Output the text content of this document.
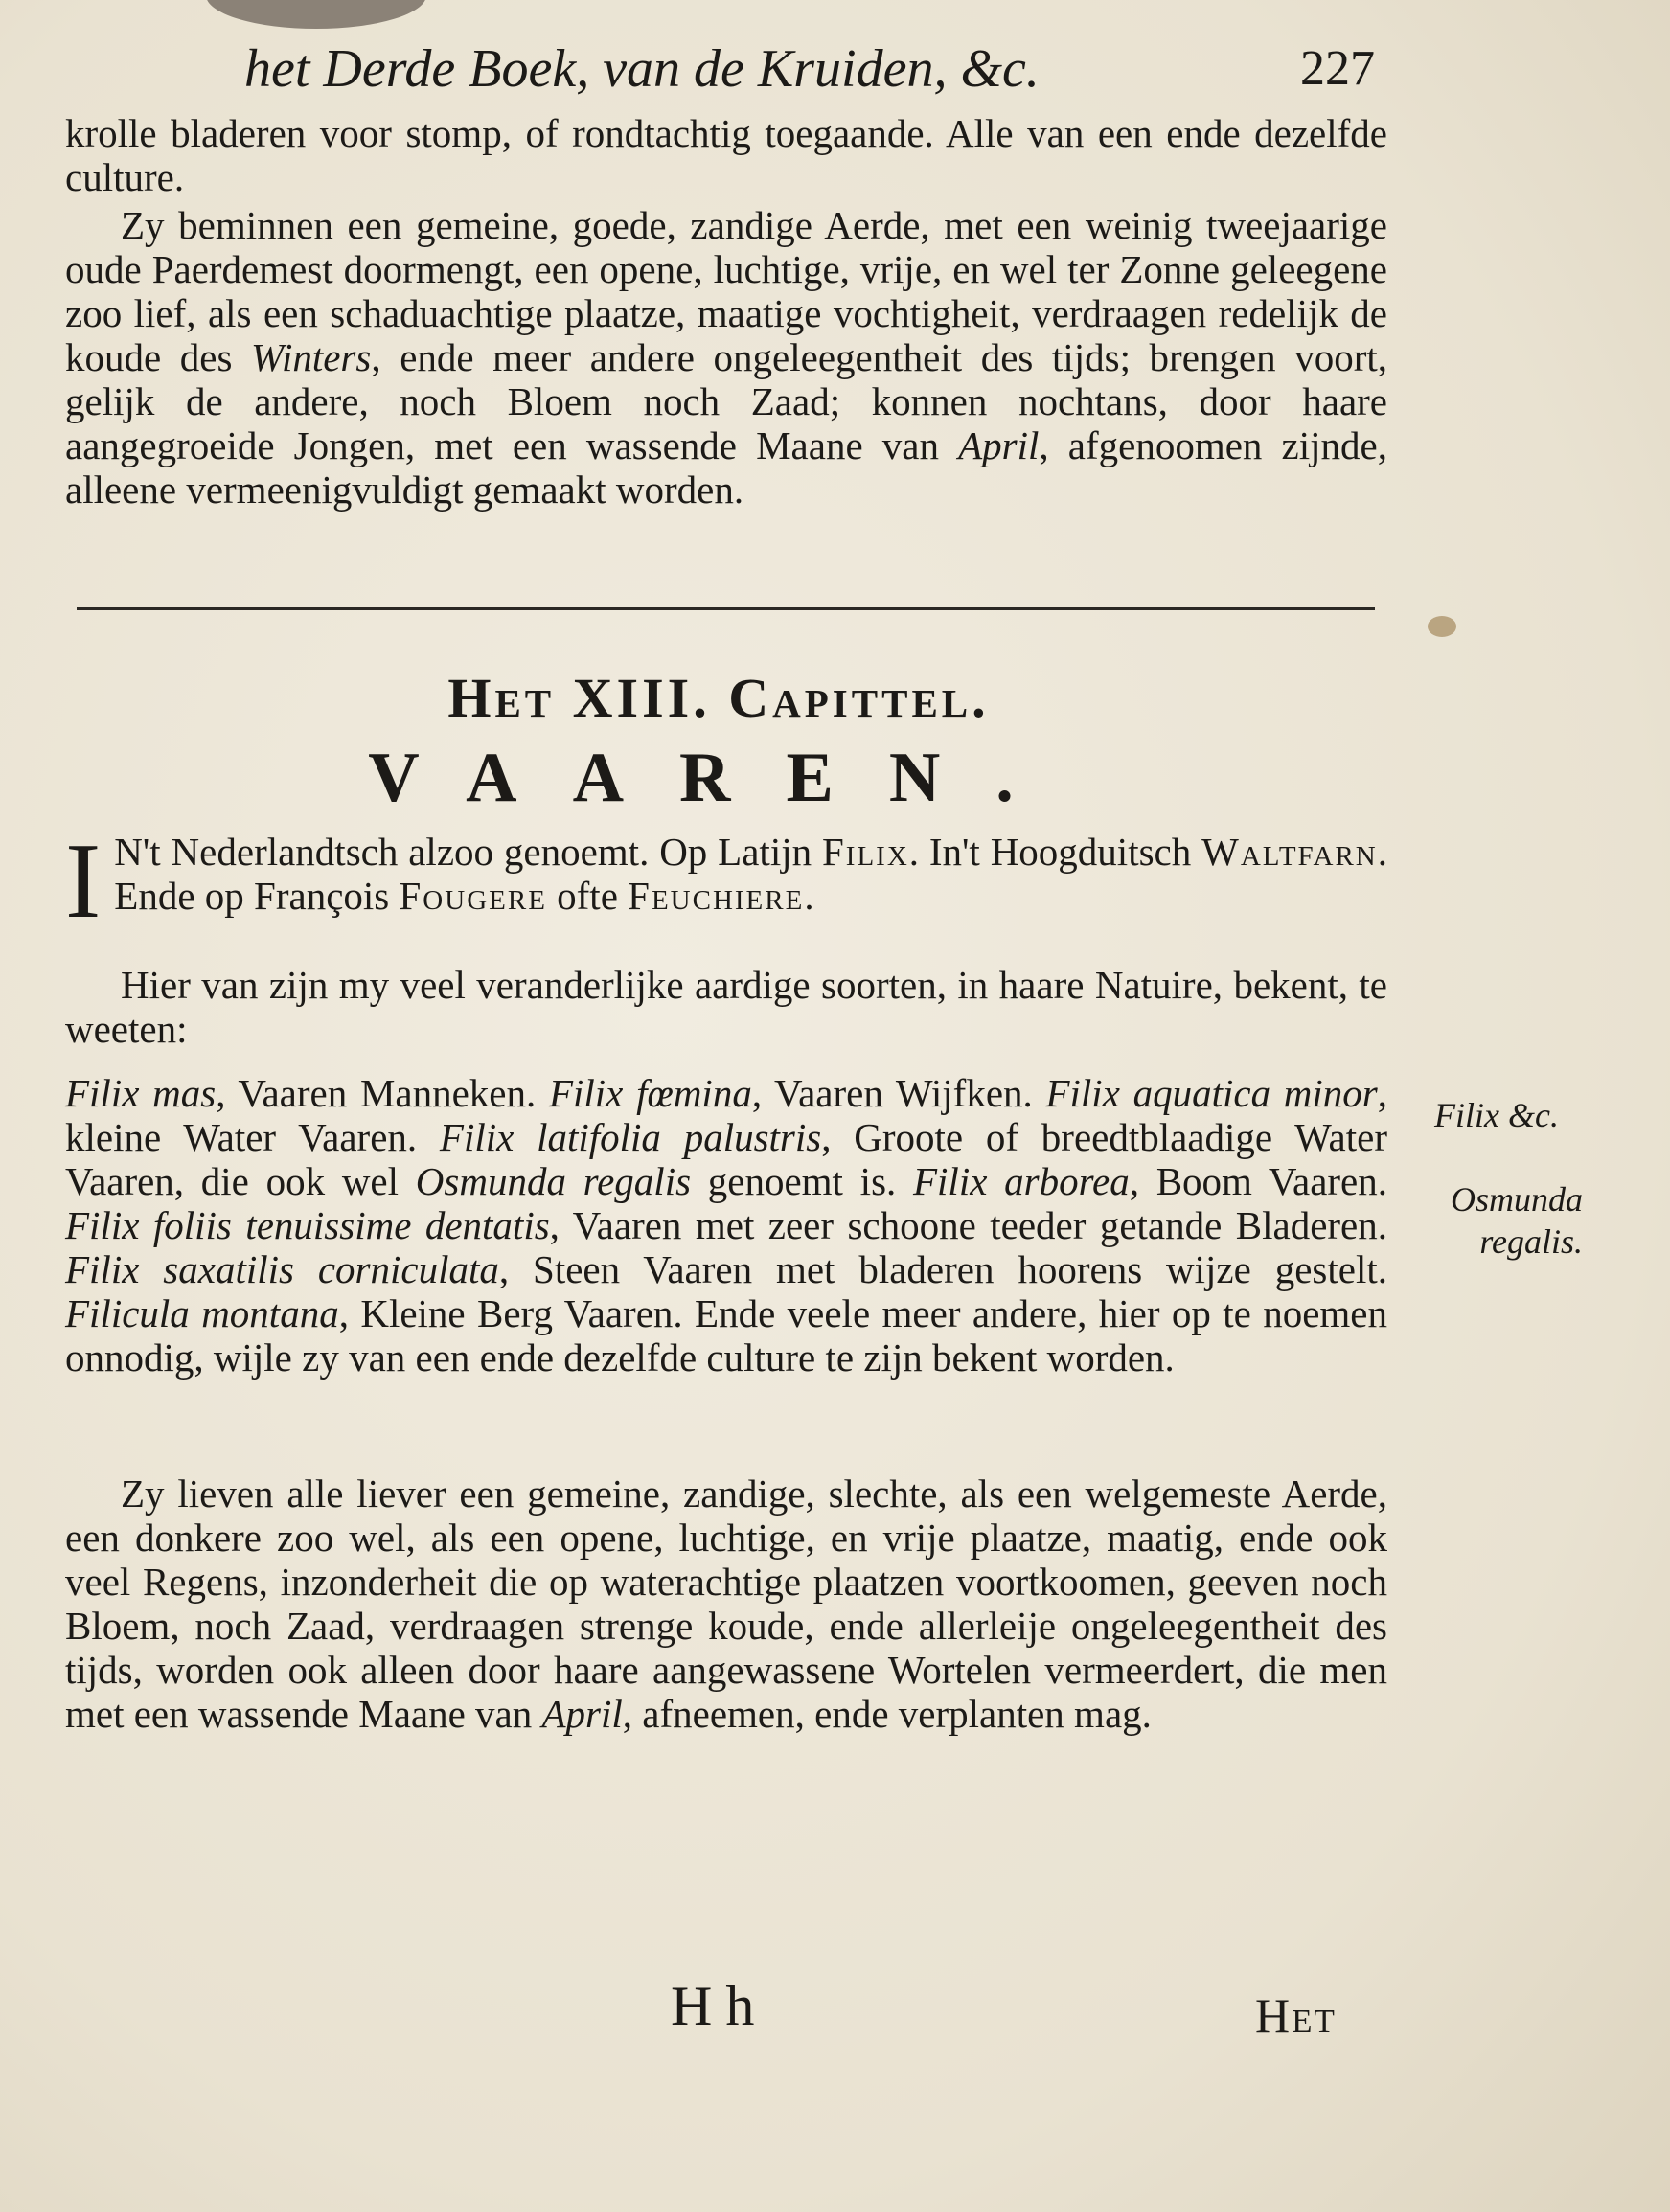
het Derde Boek, van de Kruiden, &c.	227

krolle bladeren voor stomp, of rondtachtig toegaande. Alle van een ende dezelfde culture.

Zy beminnen een gemeine, goede, zandige Aerde, met een weinig tweejaarige oude Paerdemest doormengt, een opene, luchtige, vrije, en wel ter Zonne geleegene zoo lief, als een schaduachtige plaatze, maatige vochtigheit, verdraagen redelijk de koude des Winters, ende meer andere ongeleegentheit des tijds; brengen voort, gelijk de andere, noch Bloem noch Zaad; konnen nochtans, door haare aangegroeide Jongen, met een wassende Maane van April, afgenoomen zijnde, alleene vermeenigvuldigt gemaakt worden.

Het XIII. Capittel.
VAAREN.

I N't Nederlandtsch alzoo genoemt. Op Latijn Filix. In't Hoogduitsch Waltfarn. Ende op François Fougere ofte Feuchiere.

Hier van zijn my veel veranderlijke aardige soorten, in haare Natuire, bekent, te weeten:

Filix mas, Vaaren Manneken. Filix fœmina, Vaaren Wijfken. Filix aquatica minor, kleine Water Vaaren. Filix latifolia palustris, Groote of breedtblaadige Water Vaaren, die ook wel Osmunda regalis genoemt is. Filix arborea, Boom Vaaren. Filix foliis tenuissime dentatis, Vaaren met zeer schoone teeder getande Bladeren. Filix saxatilis corniculata, Steen Vaaren met bladeren hoorens wijze gestelt. Filicula montana, Kleine Berg Vaaren. Ende veele meer andere, hier op te noemen onnodig, wijle zy van een ende dezelfde culture te zijn bekent worden.

Zy lieven alle liever een gemeine, zandige, slechte, als een welgemeste Aerde, een donkere zoo wel, als een opene, luchtige, en vrije plaatze, maatig, ende ook veel Regens, inzonderheit die op waterachtige plaatzen voortkoomen, geeven noch Bloem, noch Zaad, verdraagen strenge koude, ende allerleije ongeleegentheit des tijds, worden ook alleen door haare aangewassene Wortelen vermeerdert, die men met een wassende Maane van April, afneemen, ende verplanten mag.

Filix &c.
Osmunda regalis.
Hh	Het
